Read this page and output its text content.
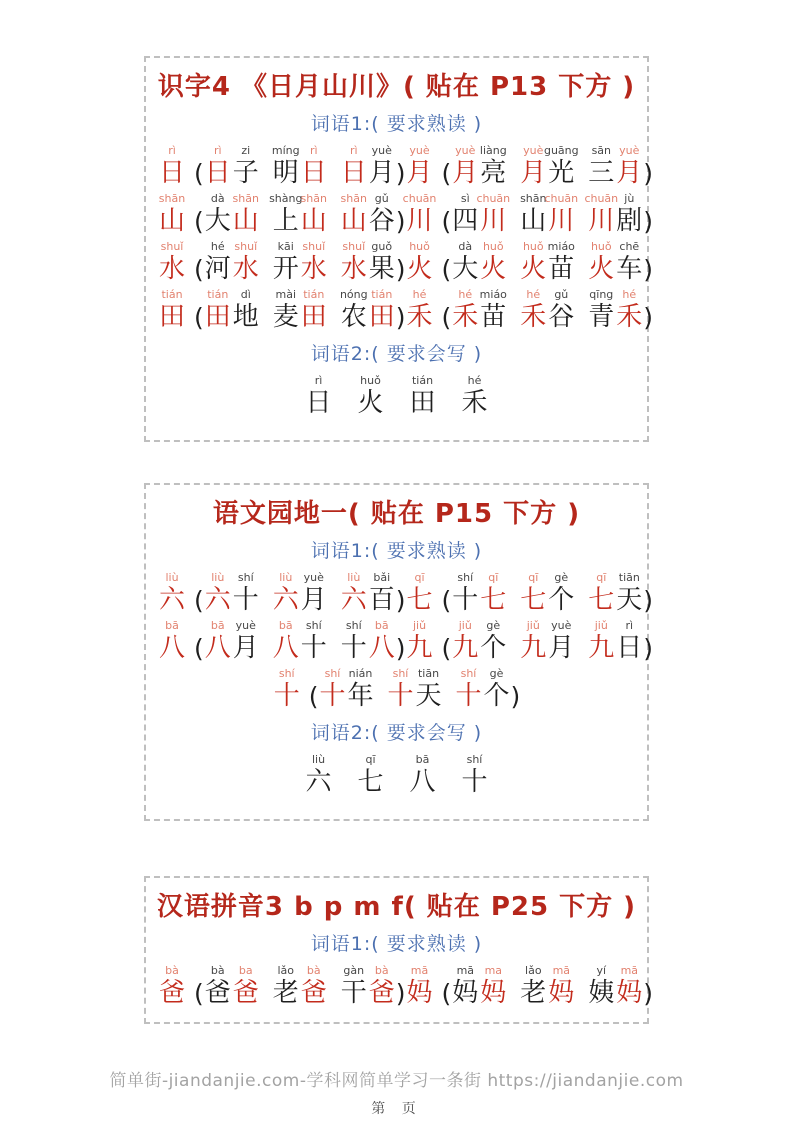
识字4 《日月山川》( 贴在 P13 下方 )
词语1:( 要求熟读 )
rì
日 (
rì
日
zi
子
míng
明
rì
日
rì
日
yuè
月 )
yuè
月 (
yuè
月
liàng
亮
yuè
月
guāng
光
sān
三
yuè
月 )
shān
山 (
dà
大
shān
山
shàng
上
shān
山
shān
山
gǔ
谷 )
chuān
川 (
sì
四
chuān
川
shān
山
chuān
川
chuān
川
jù
剧 )
shuǐ
水 (
hé
河
shuǐ
水
kāi
开
shuǐ
水
shuǐ
水
guǒ
果 )
huǒ
火 (
dà
大
huǒ
火
huǒ
火
miáo
苗
huǒ
火
chē
车 )
tián
田 (
tián
田
dì
地
mài
麦
tián
田
nóng
农
tián
田 )
hé
禾 (
hé
禾
miáo
苗
hé
禾
gǔ
谷
qīng
青
hé
禾 )
词语2:( 要求会写 )
rì
日
huǒ
火
tián
田
hé
禾
语文园地一( 贴在 P15 下方 )
词语1:( 要求熟读 )
liù
六 (
liù
六
shí
十
liù
六
yuè
月
liù
六
bǎi
百 )
qī
七 (
shí
十
qī
七
qī
七
gè
个
qī
七
tiān
天 )
bā
八 (
bā
八
yuè
月
bā
八
shí
十
shí
十
bā
八 )
jiǔ
九 (
jiǔ
九
gè
个
jiǔ
九
yuè
月
jiǔ
九
rì
日 )
shí
十 (
shí
十
nián
年
shí
十
tiān
天
shí
十
gè
个 )
词语2:( 要求会写 )
liù
六
qī
七
bā
八
shí
十
汉语拼音3 b p m f( 贴在 P25 下方 )
词语1:( 要求熟读 )
bà
爸 (
bà
爸
ba
爸
lǎo
老
bà
爸
gàn
干
bà
爸 )
mā
妈 (
mā
妈
ma
妈
lǎo
老
mā
妈
yí
姨
mā
妈 )
简单街-jiandanjie.com-学科网简单学习一条街 https://jiandanjie.com
第 页
